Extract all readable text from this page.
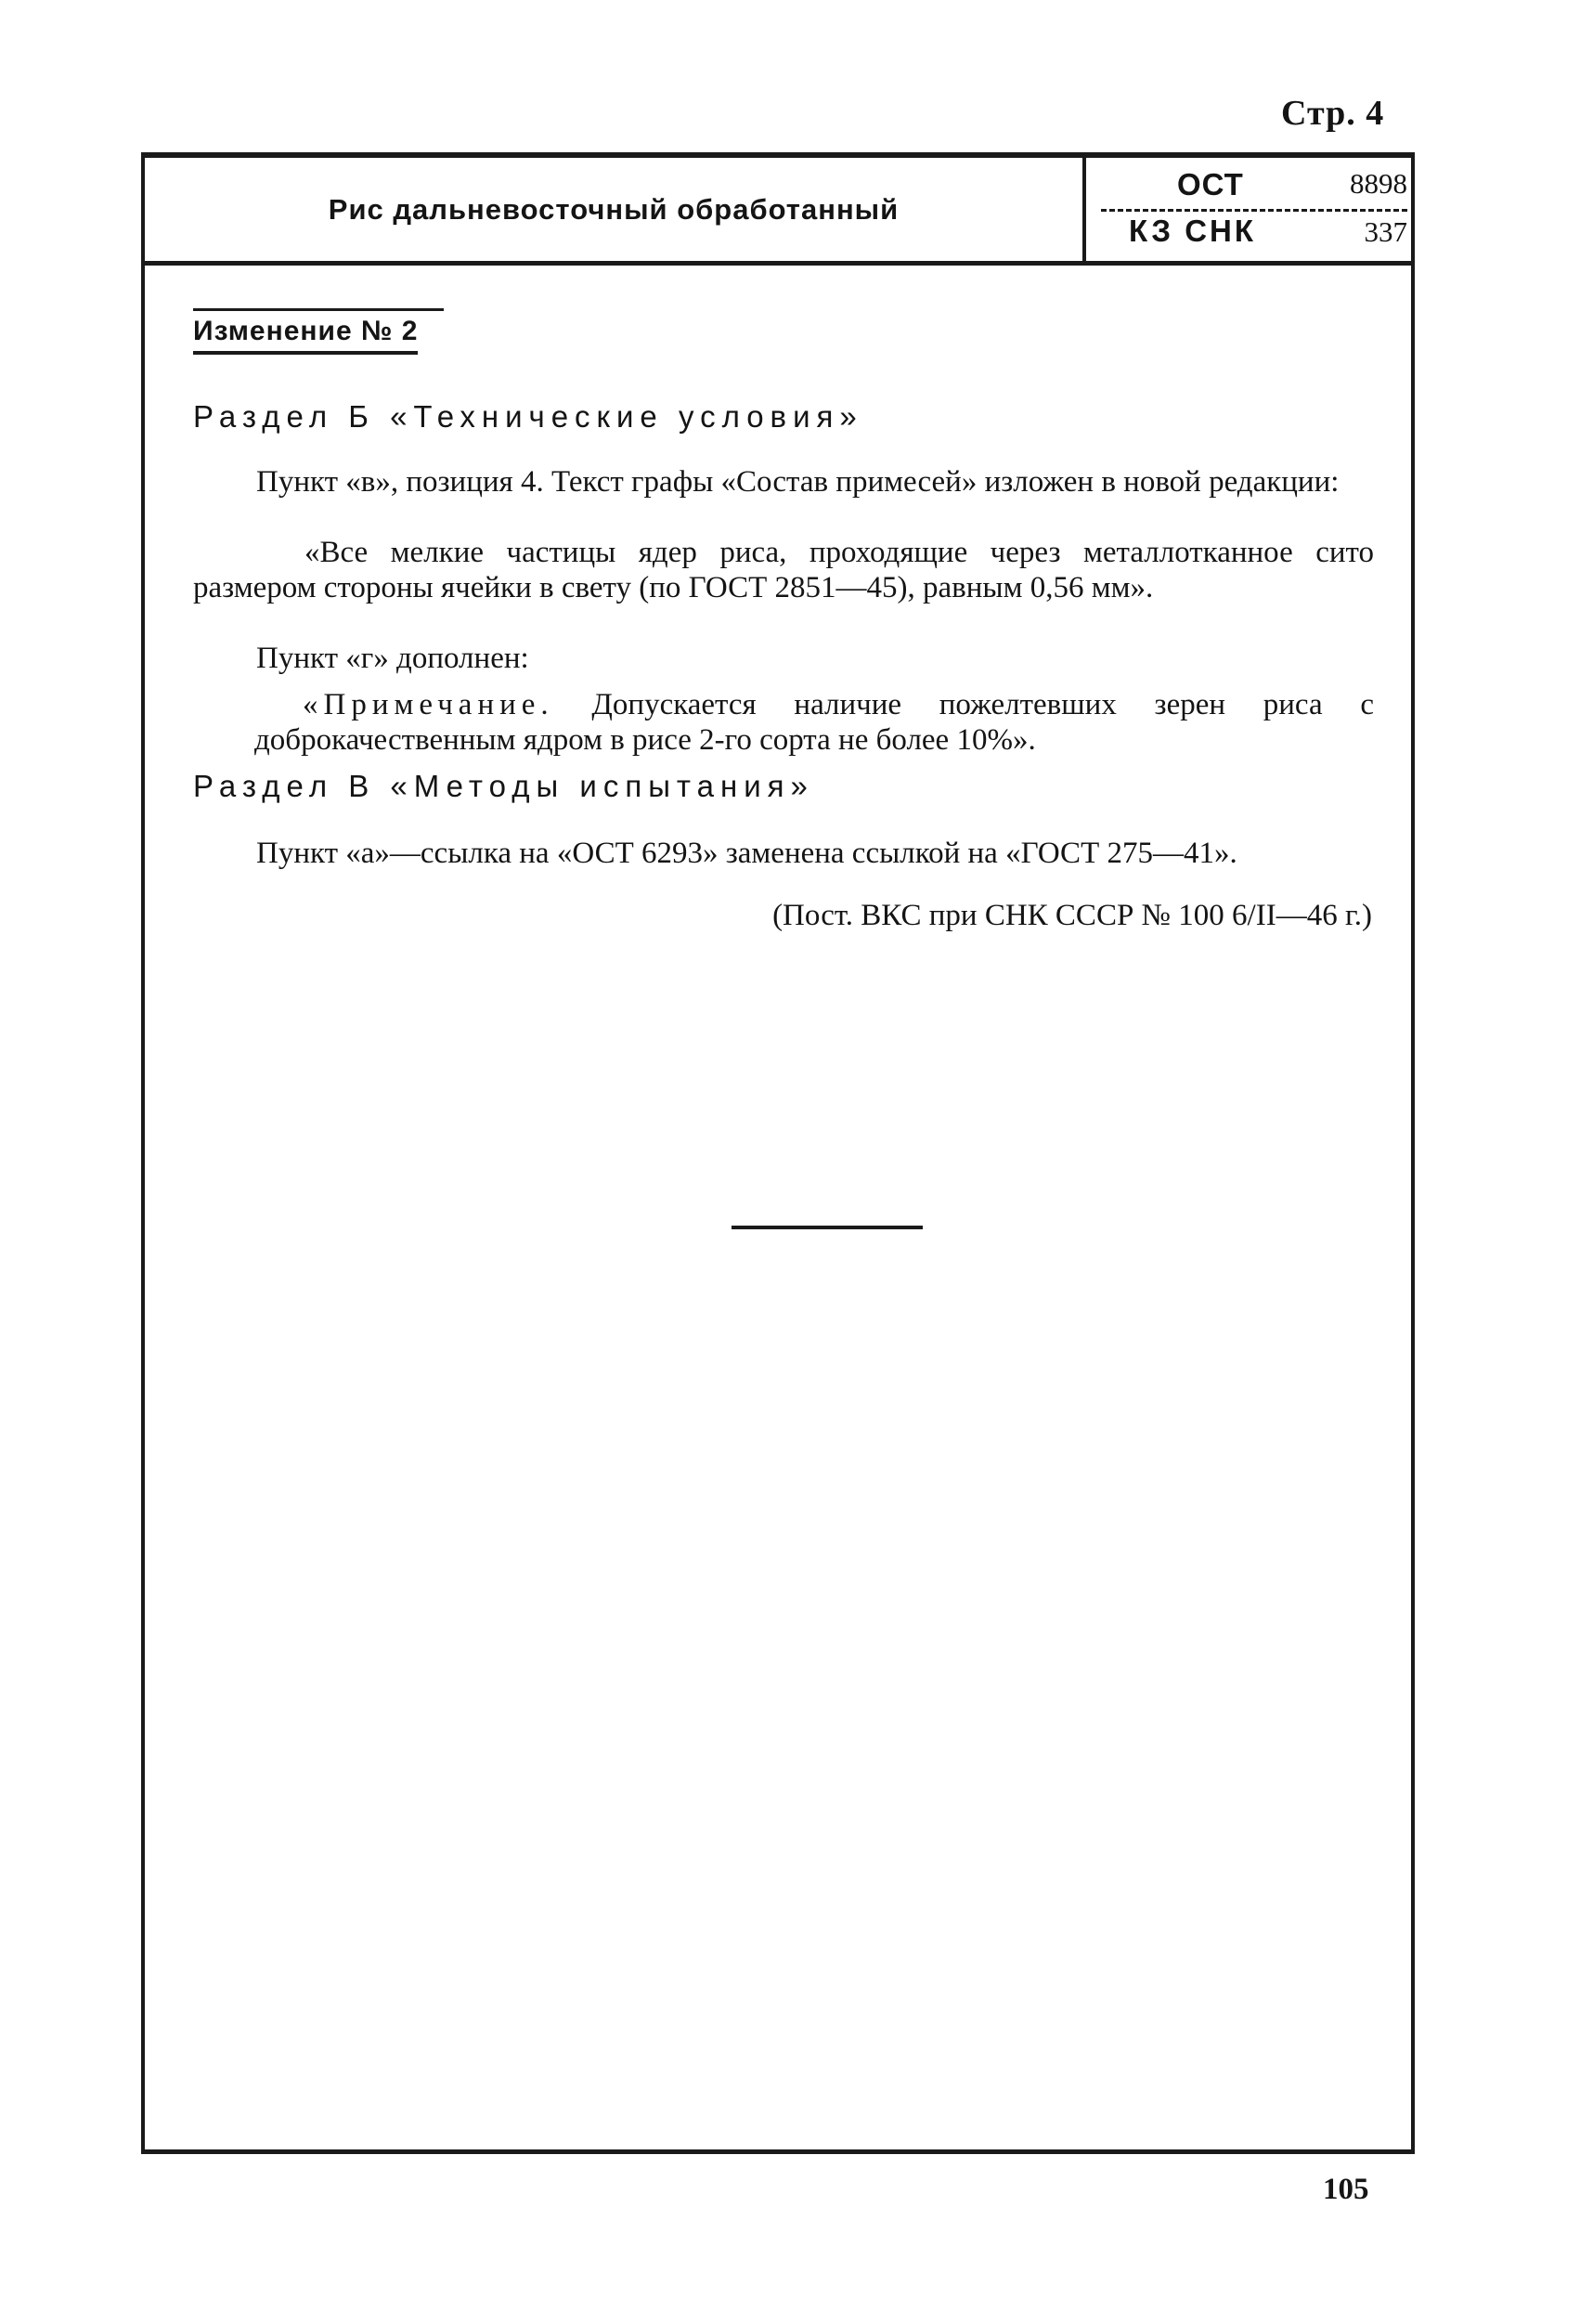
Стр. 4
Рис дальневосточный обработанный
ОСТ	8898
КЗ СНК	337
Изменение № 2
Раздел Б «Технические условия»
Пункт «в», позиция 4. Текст графы «Состав примесей» изложен в новой редакции:
«Все мелкие частицы ядер риса, проходящие через металлотканное сито размером стороны ячейки в свету (по ГОСТ 2851—45), равным 0,56 мм».
Пункт «г» дополнен:
«Примечание. Допускается наличие пожелтевших зерен риса с доброкачественным ядром в рисе 2-го сорта не более 10%».
Раздел В «Методы испытания»
Пункт «а»—ссылка на «ОСТ 6293» заменена ссылкой на «ГОСТ 275—41».
(Пост. ВКС при СНК СССР № 100 6/II—46 г.)
105
